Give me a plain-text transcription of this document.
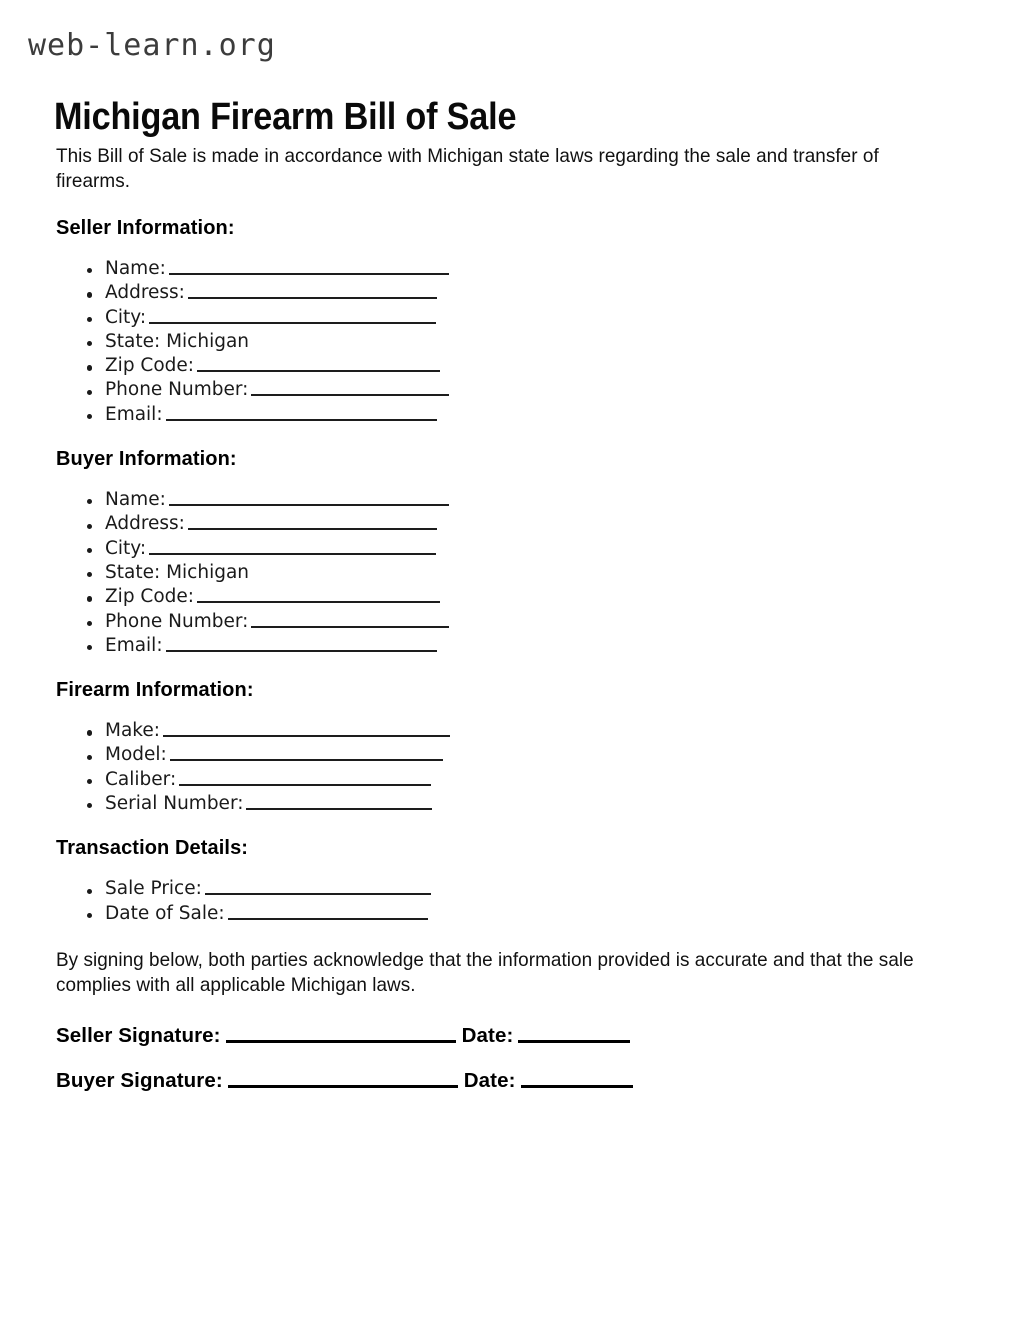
web-learn.org
Michigan Firearm Bill of Sale

This Bill of Sale is made in accordance with Michigan state laws regarding the sale and transfer of firearms.

Seller Information:
Name:
Address:
City:
State: Michigan
Zip Code:
Phone Number:
Email:
Buyer Information:
Name:
Address:
City:
State: Michigan
Zip Code:
Phone Number:
Email:
Firearm Information:
Make:
Model:
Caliber:
Serial Number:
Transaction Details:
Sale Price:
Date of Sale:

By signing below, both parties acknowledge that the information provided is accurate and that the sale complies with all applicable Michigan laws.

Seller Signature:	Date:
Buyer Signature:	Date:
